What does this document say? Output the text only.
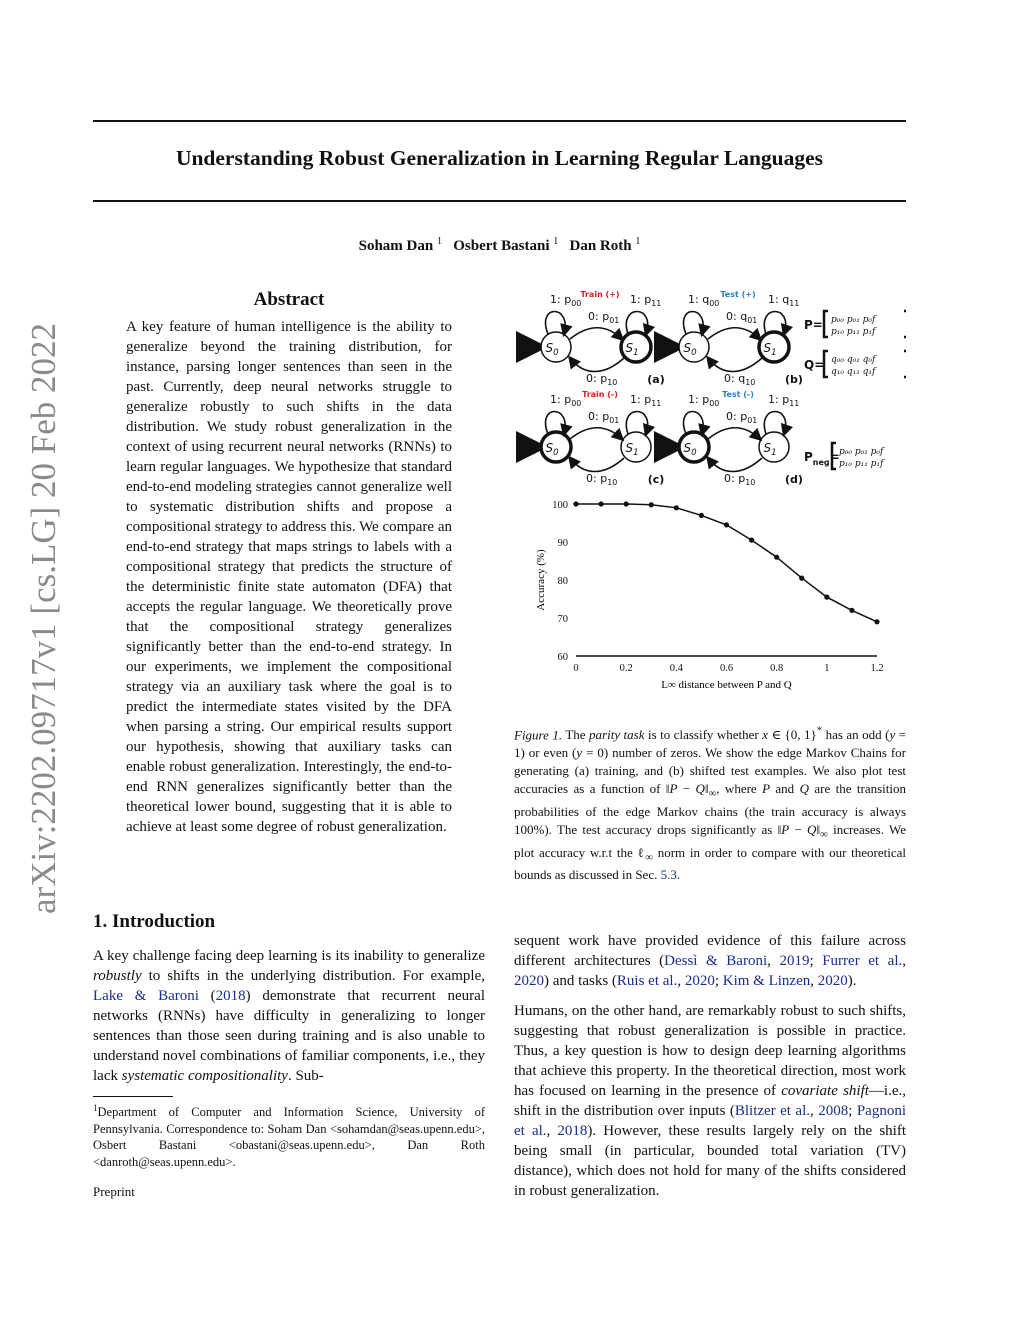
arXiv:2202.09717v1 [cs.LG] 20 Feb 2022
Understanding Robust Generalization in Learning Regular Languages
Soham Dan $^1$ Osbert Bastani $^1$ Dan Roth $^1$
Abstract
A key feature of human intelligence is the ability to generalize beyond the training distribution, for instance, parsing longer sentences than seen in the past. Currently, deep neural networks struggle to generalize robustly to such shifts in the data distribution. We study robust generalization in the context of using recurrent neural networks (RNNs) to learn regular languages. We hypothesize that standard end-to-end modeling strategies cannot generalize well to systematic distribution shifts and propose a compositional strategy to address this. We compare an end-to-end strategy that maps strings to labels with a compositional strategy that predicts the structure of the deterministic finite state automaton (DFA) that accepts the regular language. We theoretically prove that the compositional strategy generalizes significantly better than the end-to-end strategy. In our experiments, we implement the compositional strategy via an auxiliary task where the goal is to predict the intermediate states visited by the DFA when parsing a string. Our empirical results support our hypothesis, showing that auxiliary tasks can enable robust generalization. Interestingly, the end-to-end RNN generalizes significantly better than the theoretical lower bound, suggesting that it is able to achieve at least some degree of robust generalization.
$S_0$	$S_1$
1: $p_{00}$	1: $p_{11}$
0: $p_{01}$
0: $p_{10}$
Train (+)
(a)
$S_0$	$S_1$
1: $q_{00}$	1: $q_{11}$
0: $q_{01}$
0: $q_{10}$
Test (+)
(b)
$S_0$	$S_1$
1: $p_{00}$	1: $p_{11}$
0: $p_{01}$
0: $p_{10}$
Train (-)
(c)
$S_0$	$S_1$
1: $p_{00}$	1: $p_{11}$
0: $p_{01}$
0: $p_{10}$
Test (-)
(d)
P= p₀₀ p₀₁ p₀f
p₁₀ p₁₁ p₁f
Q= q₀₀ q₀₁ q₀f
q₁₀ q₁₁ q₁f
$P_{neg}= p_{00}$ p₀₁ p₀f
p₁₀ p₁₁ p₁f
60
70
80
90
100
0	0.2	0.4	0.6	0.8	1	1.2
L∞ distance between P and Q
Accuracy (%)
Figure 1. The parity task is to classify whether x ∈ {0, 1}* has an odd (y = 1) or even (y = 0) number of zeros. We show the edge Markov Chains for generating (a) training, and (b) shifted test examples. We also plot test accuracies as a function of ‖P − $Q‖_\infty$, where P and Q are the transition probabilities of the edge Markov chains (the train accuracy is always 100%). The test accuracy drops significantly as ‖P − $Q‖_\infty$ increases. We plot accuracy w.r.t the ℓ$_\infty$ norm in order to compare with our theoretical bounds as discussed in Sec. 5.3.
1. Introduction
A key challenge facing deep learning is its inability to generalize robustly to shifts in the underlying distribution. For example, Lake & Baroni (2018) demonstrate that recurrent neural networks (RNNs) have difficulty in generalizing to longer sentences than those seen during training and is also unable to understand novel combinations of familiar components, i.e., they lack systematic compositionality. Sub-
sequent work have provided evidence of this failure across different architectures (Dessì & Baroni, 2019; Furrer et al., 2020) and tasks (Ruis et al., 2020; Kim & Linzen, 2020).
Humans, on the other hand, are remarkably robust to such shifts, suggesting that robust generalization is possible in practice. Thus, a key question is how to design deep learning algorithms that achieve this property. In the theoretical direction, most work has focused on learning in the presence of covariate shift—i.e., shift in the distribution over inputs (Blitzer et al., 2008; Pagnoni et al., 2018). However, these results largely rely on the shift being small (in particular, bounded total variation (TV) distance), which does not hold for many of the shifts considered in robust generalization.
$^1$Department of Computer and Information Science, University of Pennsylvania. Correspondence to: Soham Dan <sohamdan@seas.upenn.edu>, Osbert Bastani <obastani@seas.upenn.edu>, Dan Roth <danroth@seas.upenn.edu>.
Preprint
